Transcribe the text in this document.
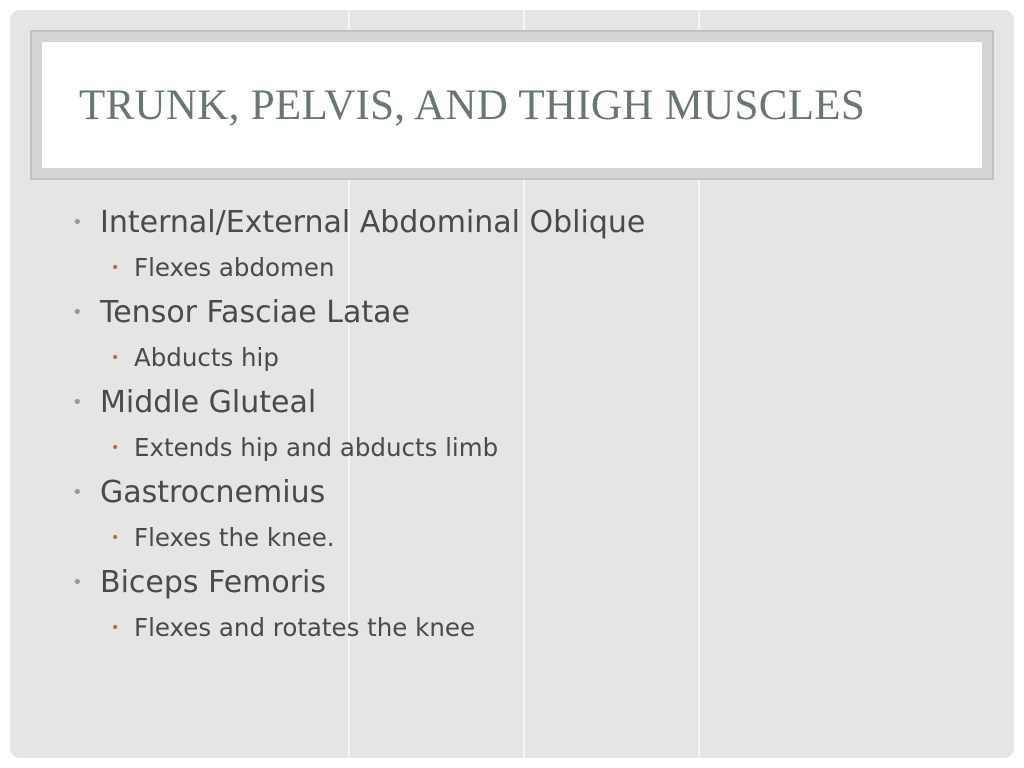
TRUNK, PELVIS, AND THIGH MUSCLES
• Internal/External Abdominal Oblique
• Flexes abdomen
• Tensor Fasciae Latae
• Abducts hip
• Middle Gluteal
• Extends hip and abducts limb
• Gastrocnemius
• Flexes the knee.
• Biceps Femoris
• Flexes and rotates the knee
